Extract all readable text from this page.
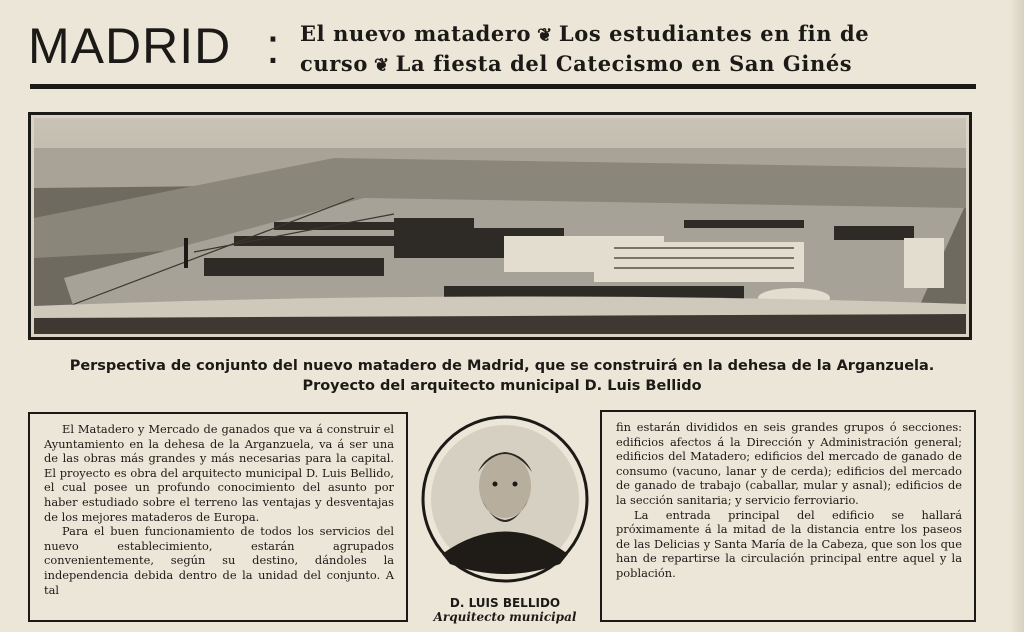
MADRID : El nuevo matadero ❦ Los estudiantes en fin de curso ❦ La fiesta del Catecismo en San Ginés
Perspectiva de conjunto del nuevo matadero de Madrid, que se construirá en la dehesa de la Arganzuela.
Proyecto del arquitecto municipal D. Luis Bellido

El Matadero y Mercado de ganados que va á construir el Ayuntamiento en la dehesa de la Arganzuela, va á ser una de las obras más grandes y más necesarias para la capital. El proyecto es obra del arquitecto municipal D. Luis Bellido, el cual posee un profundo conocimiento del asunto por haber estudiado sobre el terreno las ventajas y desventajas de los mejores mataderos de Europa.

Para el buen funcionamiento de todos los servicios del nuevo establecimiento, estarán agrupados convenientemente, según su destino, dándoles la independencia debida dentro de la unidad del conjunto. A tal

D. LUIS BELLIDO
Arquitecto municipal

fin estarán divididos en seis grandes grupos ó secciones: edificios afectos á la Dirección y Administración general; edificios del Matadero; edificios del mercado de ganado de consumo (vacuno, lanar y de cerda); edificios del mercado de ganado de trabajo (caballar, mular y asnal); edificios de la sección sanitaria; y servicio ferroviario.

La entrada principal del edificio se hallará próximamente á la mitad de la distancia entre los paseos de las Delicias y Santa María de la Cabeza, que son los que han de repartirse la circulación principal entre aquel y la población.
